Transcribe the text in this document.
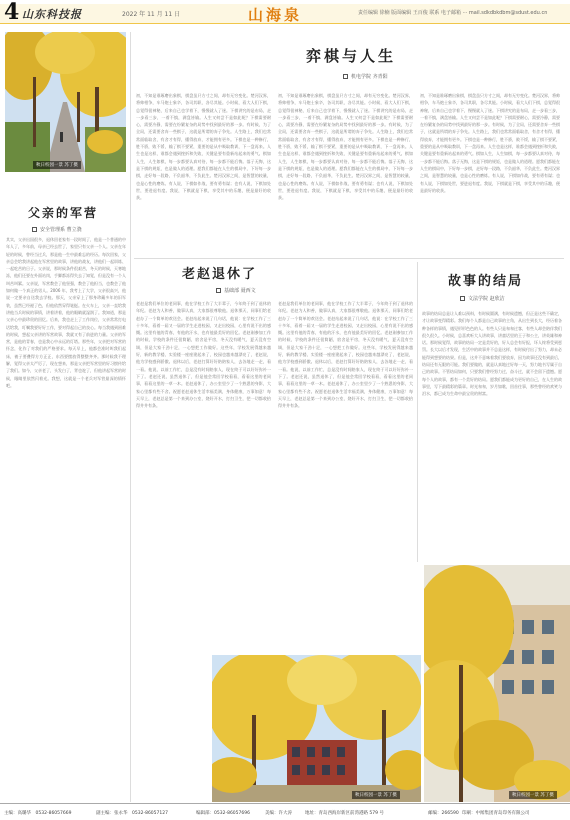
4 山东科技报	2022 年 11 月 11 日	山海泉	责任编辑 徐楠 版面编辑 王百俊 联系 电子邮箱 ··· mail.sdkdbkdbm@sdust.edu.cn
秋日校园一景 苏丁摄
父亲的军营
安全管理系 曹立骁
其实，父亲出国很多，退休回老家有一段时间了，他是一个普通的中年人了，多年前，母亲已经去世了，家里只有父亲一个人。父亲在年轻的时候，曾经当过兵，那是他一生中最难忘的经历。每次回家，父亲总会给我讲起他在军营里的故事，讲他的战友，讲他们一起训练、一起吃苦的日子。父亲说，那时候条件很艰苦，冬天的时候，天寒地冻，他们还要在外面站岗，手脚都冻得失去了知觉，但是没有一个人叫苦叫累。父亲说，军营教会了他坚强，教会了他担当，也教会了他如何做一个真正的男人。2006 年，我考上了大学，父亲很高兴，他说一定要亲自送我去学校。那天，父亲穿上了那身珍藏多年的旧军装，虽然已经褪了色，但他依然穿得笔挺。在火车上，父亲一直给我讲他当兵时候的事情，讲着讲着，他的眼睛就湿润了。我知道，那是父亲心中最珍贵的回忆。后来，我也走上了工作岗位，父亲常常打电话给我，叮嘱我要好好工作，要对得起自己的良心。每当我遇到困难的时候，想起父亲讲的军营故事，我就又有了前进的力量。父亲的军营，是他的青春，也是我心中永远的灯塔。那些年，父亲把对军营的怀念，化作了对我们的严格要求。每天早上，他都会准时叫我们起床，被子要叠得方方正正，东西要摆放得整整齐齐。那时候我不理解，觉得父亲太严厉了，现在想来，那是父亲把军营里的好习惯传给了我们。如今，父亲老了，头发白了，背也驼了，但他讲起军营的时候，眼睛里依然闪着光。我想，这就是一个老兵对军营最深的情怀吧。
弈棋与人生
机电学院 齐青阳
初，不知是谁琢磨出象棋，棋盘虽只方寸之间，却有无穷变化。楚河汉界，将帅相争，车马炮士象卒，各司其职，各尽其能。小时候，看大人们下棋，总觉得很神秘，后来自己也学着下，慢慢就入了迷。下棋讲究的是布局，走一步看三步，一着不慎，满盘皆输。人生又何尝不是如此呢？下棋需要耐心，需要冷静，需要在纷繁复杂的局势中找到最好的那一步。有时候，为了全局，还需要舍弃一些棋子，这就是所谓的弃子争先。人生路上，我们也常常面临取舍，有舍才有得，懂得放弃，才能拥有更多。下棋也是一种修行，胜不骄，败不馁，输了棋不要紧，重要的是从中吸取教训，下一盘再来。人生也是这样，谁都会遇到挫折和失败，关键是要有重新站起来的勇气。棋如人生，人生如棋，每一步都要认真对待，每一步都不能后悔。落子无悔，这是下棋的规矩，也是做人的道理。愿我们都能在人生的棋局中，下好每一步棋，走好每一段路，不负韶华，不负此生。楚河汉界之间，是智慧的较量，也是心性的磨炼。有人说，下棋如作战，要有勇有谋；也有人说，下棋如处世，要进退有度。我说，下棋就是下棋，享受其中的乐趣，便是最好的收获。
初，不知是谁琢磨出象棋，棋盘虽只方寸之间，却有无穷变化。楚河汉界，将帅相争，车马炮士象卒，各司其职，各尽其能。小时候，看大人们下棋，总觉得很神秘，后来自己也学着下，慢慢就入了迷。下棋讲究的是布局，走一步看三步，一着不慎，满盘皆输。人生又何尝不是如此呢？下棋需要耐心，需要冷静，需要在纷繁复杂的局势中找到最好的那一步。有时候，为了全局，还需要舍弃一些棋子，这就是所谓的弃子争先。人生路上，我们也常常面临取舍，有舍才有得，懂得放弃，才能拥有更多。下棋也是一种修行，胜不骄，败不馁，输了棋不要紧，重要的是从中吸取教训，下一盘再来。人生也是这样，谁都会遇到挫折和失败，关键是要有重新站起来的勇气。棋如人生，人生如棋，每一步都要认真对待，每一步都不能后悔。落子无悔，这是下棋的规矩，也是做人的道理。愿我们都能在人生的棋局中，下好每一步棋，走好每一段路，不负韶华，不负此生。楚河汉界之间，是智慧的较量，也是心性的磨炼。有人说，下棋如作战，要有勇有谋；也有人说，下棋如处世，要进退有度。我说，下棋就是下棋，享受其中的乐趣，便是最好的收获。
初，不知是谁琢磨出象棋，棋盘虽只方寸之间，却有无穷变化。楚河汉界，将帅相争，车马炮士象卒，各司其职，各尽其能。小时候，看大人们下棋，总觉得很神秘，后来自己也学着下，慢慢就入了迷。下棋讲究的是布局，走一步看三步，一着不慎，满盘皆输。人生又何尝不是如此呢？下棋需要耐心，需要冷静，需要在纷繁复杂的局势中找到最好的那一步。有时候，为了全局，还需要舍弃一些棋子，这就是所谓的弃子争先。人生路上，我们也常常面临取舍，有舍才有得，懂得放弃，才能拥有更多。下棋也是一种修行，胜不骄，败不馁，输了棋不要紧，重要的是从中吸取教训，下一盘再来。人生也是这样，谁都会遇到挫折和失败，关键是要有重新站起来的勇气。棋如人生，人生如棋，每一步都要认真对待，每一步都不能后悔。落子无悔，这是下棋的规矩，也是做人的道理。愿我们都能在人生的棋局中，下好每一步棋，走好每一段路，不负韶华，不负此生。楚河汉界之间，是智慧的较量，也是心性的磨炼。有人说，下棋如作战，要有勇有谋；也有人说，下棋如处世，要进退有度。我说，下棋就是下棋，享受其中的乐趣，便是最好的收获。
老赵退休了
基础部 聂西文
老赵是我们单位的老同事，他在学校工作了大半辈子，今年终于到了退休的年纪。老赵为人和善，做事认真，大家都很尊敬他。退休那天，同事们给老赵办了一个简单的欢送会。老赵站起来说了几句话，他说：在学校工作了三十多年，看着一届又一届的学生走进校园，又走出校园，心里有说不出的感慨。这里有他的青春，有他的汗水，也有他最美好的回忆。老赵刚参加工作的时候，学校的条件还很简陋，宿舍是平房，冬天没有暖气，夏天没有空调，但是大家干劲十足，一心想把工作做好。这些年，学校发展得越来越好，新的教学楼、实验楼一座座建起来了，校园也越来越漂亮了，老赵说，他为学校感到骄傲。退休以后，老赵打算好好陪陪家人，去各地走一走，看一看。他说，以前工作忙，总是没有时间陪家人，现在终于可以好好弥补一下了。老赵还说，虽然退休了，但是他会常回学校看看，看看这里的老同事，看看这里的一草一木。老赵退休了，办公室里少了一个熟悉的身影，大家心里都有些不舍。祝愿老赵退休生活幸福美满，身体健康，万事如意！每天早上，老赵总是第一个来到办公室，烧好开水，打扫卫生，把一切都收拾得井井有条。
老赵是我们单位的老同事，他在学校工作了大半辈子，今年终于到了退休的年纪。老赵为人和善，做事认真，大家都很尊敬他。退休那天，同事们给老赵办了一个简单的欢送会。老赵站起来说了几句话，他说：在学校工作了三十多年，看着一届又一届的学生走进校园，又走出校园，心里有说不出的感慨。这里有他的青春，有他的汗水，也有他最美好的回忆。老赵刚参加工作的时候，学校的条件还很简陋，宿舍是平房，冬天没有暖气，夏天没有空调，但是大家干劲十足，一心想把工作做好。这些年，学校发展得越来越好，新的教学楼、实验楼一座座建起来了，校园也越来越漂亮了，老赵说，他为学校感到骄傲。退休以后，老赵打算好好陪陪家人，去各地走一走，看一看。他说，以前工作忙，总是没有时间陪家人，现在终于可以好好弥补一下了。老赵还说，虽然退休了，但是他会常回学校看看，看看这里的老同事，看看这里的一草一木。老赵退休了，办公室里少了一个熟悉的身影，大家心里都有些不舍。祝愿老赵退休生活幸福美满，身体健康，万事如意！每天早上，老赵总是第一个来到办公室，烧好开水，打扫卫生，把一切都收拾得井井有条。
故事的结局
文法学院 赵欣洁
故事的结局总是让人难以预料，有时候圆满，有时候遗憾，但正是这些不确定，才让故事变得精彩。我们每个人都是自己故事的主角，从出生到长大，经历着各种各样的事情，遇见形形色色的人。有些人只是匆匆过客，有些人却会陪伴我们很久很久。小时候，总喜欢听大人讲故事，讲童话里的王子和公主，讲英雄和神话。那时候觉得，故事的结局一定是美好的，好人总会有好报，坏人终将受到惩罚。长大以后才发现，生活中的故事并不总是这样，有时候付出了努力，却未必能得到想要的结果。但是，这并不意味着我们要放弃，因为故事还没有到最后，结局还有无限的可能。我们要做的，就是认真地过好每一天，努力地书写属于自己的故事。不管结局如何，只要我们曾经努力过，奋斗过，就不会留下遗憾。愿每个人的故事，都有一个美好的结局。愿我们都能成为更好的自己，在人生的故事里，写下最精彩的篇章。时光匆匆，岁月如歌，回首往事，那些曾经的欢笑与泪水，都已成为生命中最宝贵的财富。
秋日校园一景 苏丁摄	秋日校园一景 苏丁摄
主编：高璐华　0532-86057669	副主编：张永华　0532-86057127	编辑部：0532-86057696	美编：许大涛	地址：青岛西海岸新区前湾港路 579 号	邮编：266590 印刷：中闻集团青岛印务有限公司
